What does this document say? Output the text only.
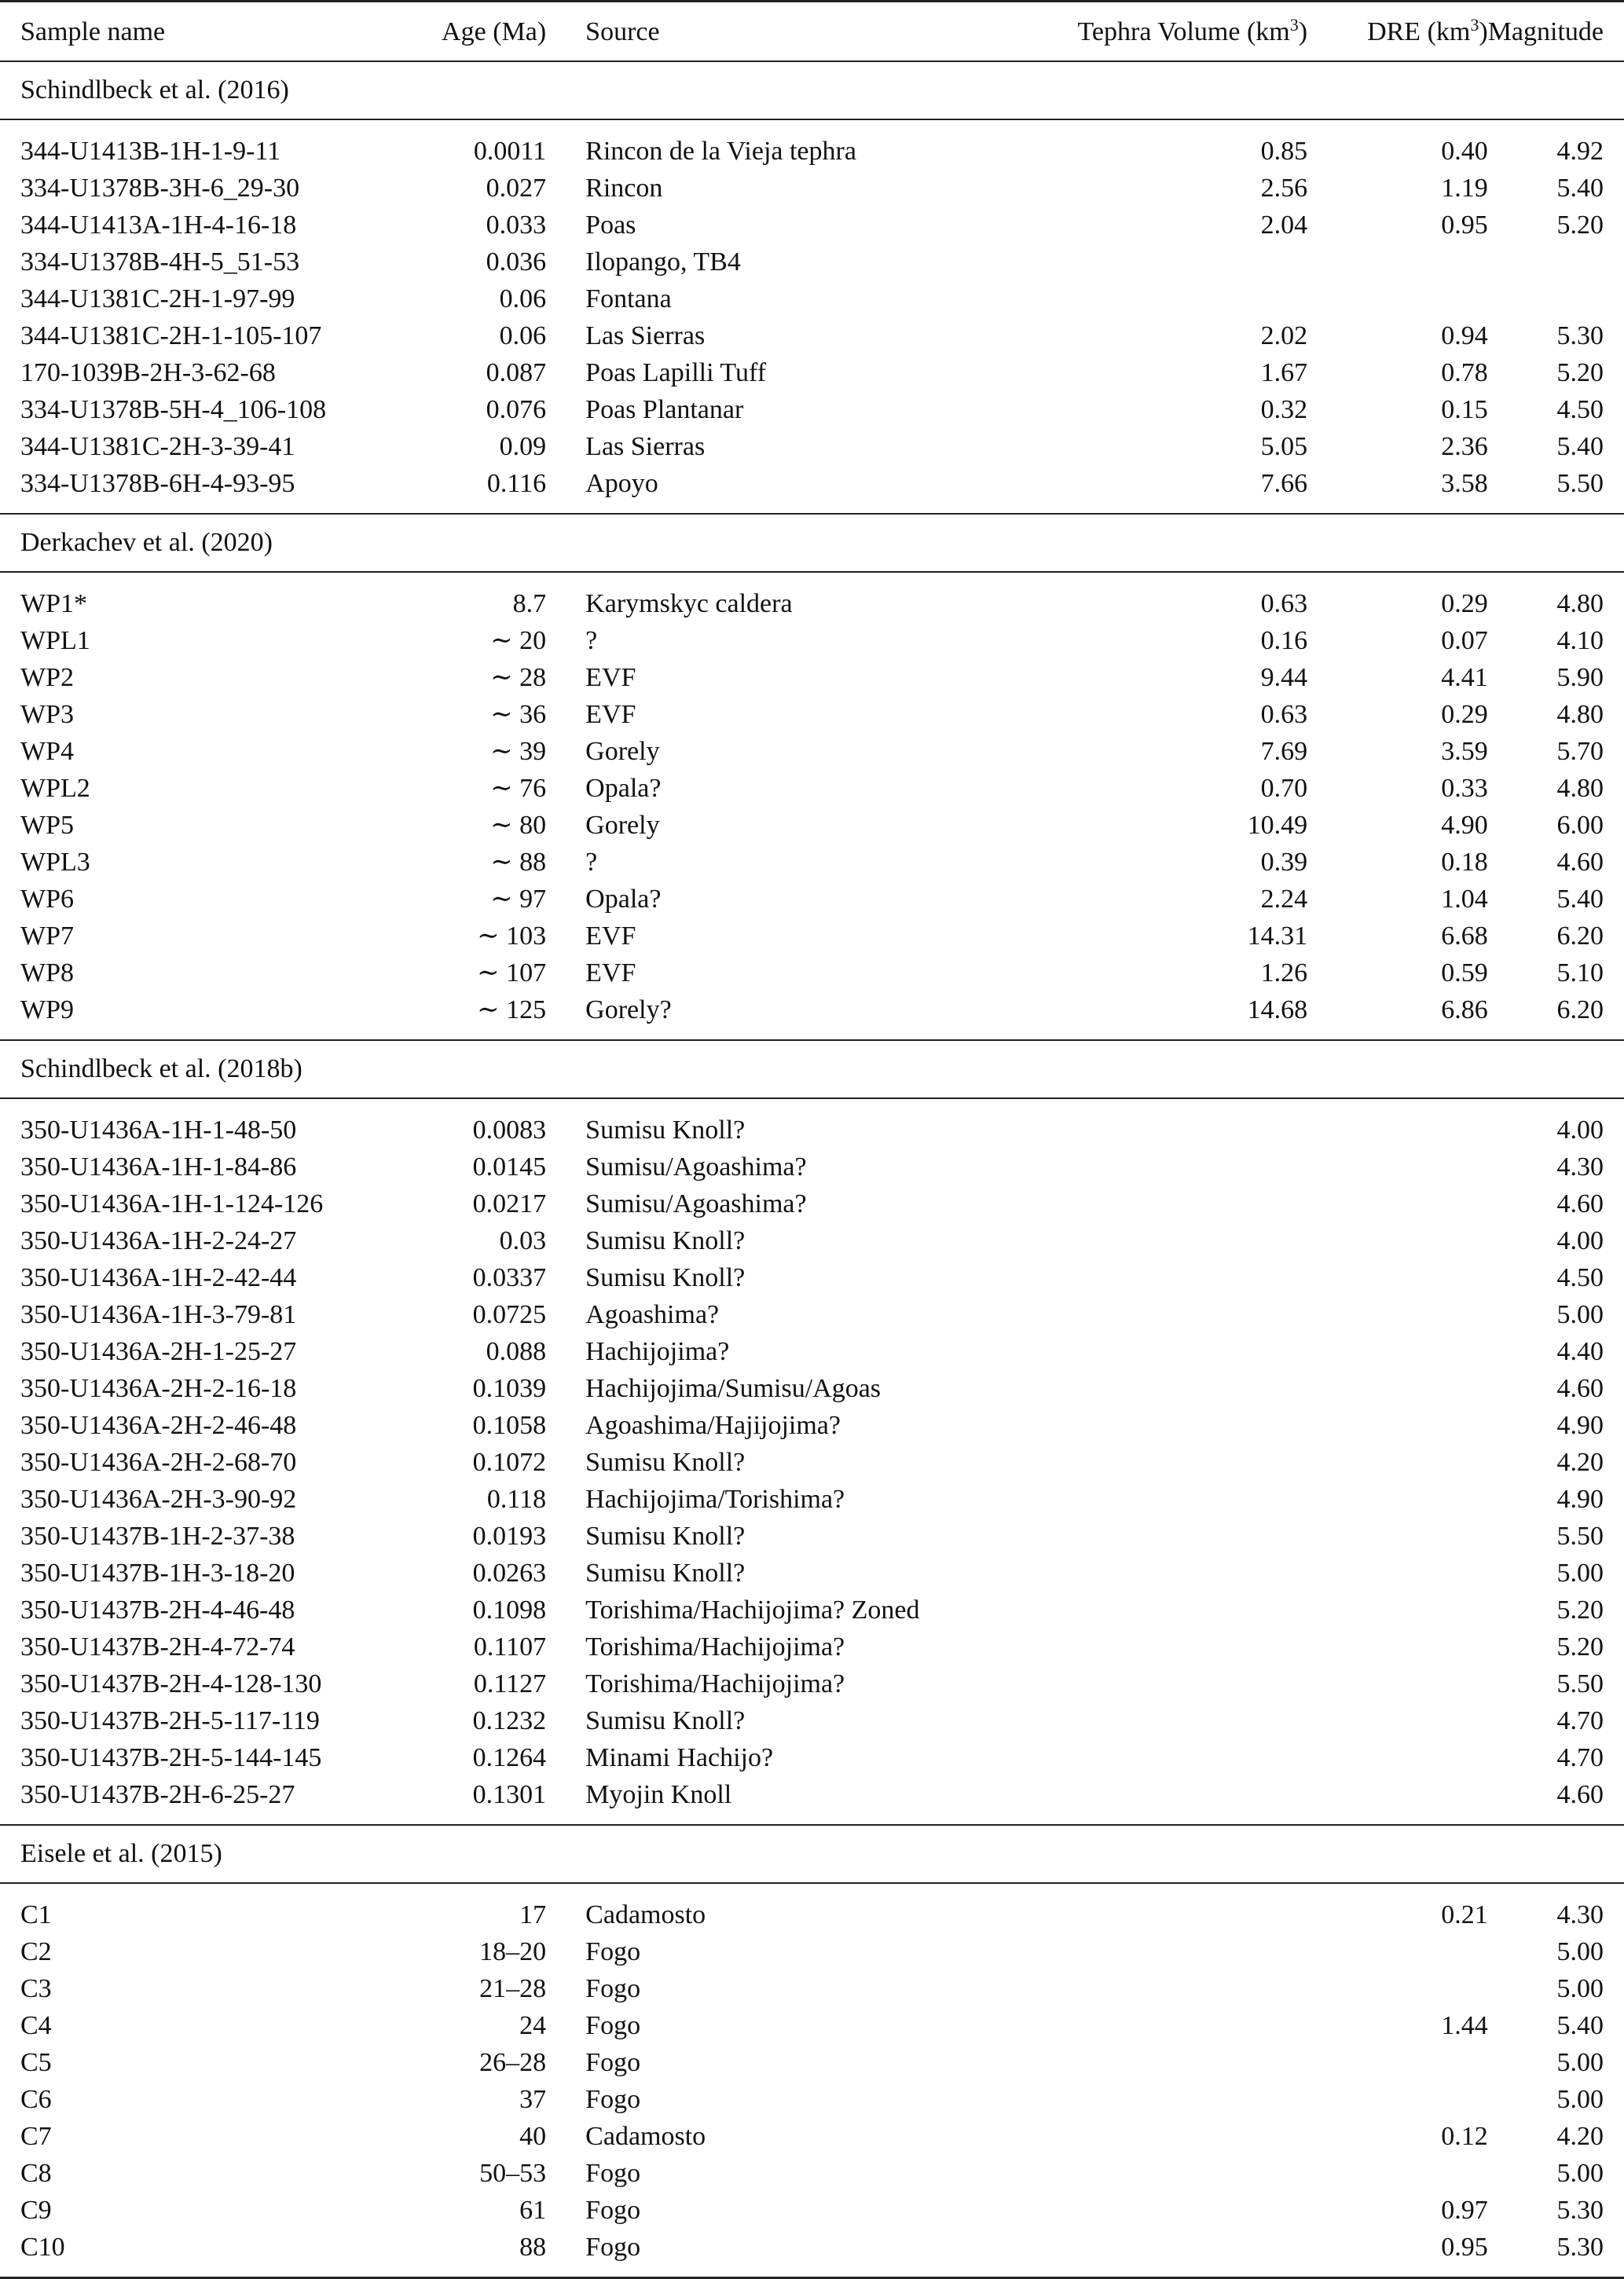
Sample name	Age (Ma)	Source	Tephra Volume $(km^3)$	DRE $(km^3)$	Magnitude
Schindlbeck et al. (2016)					
344-U1413B-1H-1-9-11	0.0011	Rincon de la Vieja tephra	0.85	0.40	4.92
334-U1378B-3H-6_29-30	0.027	Rincon	2.56	1.19	5.40
344-U1413A-1H-4-16-18	0.033	Poas	2.04	0.95	5.20
334-U1378B-4H-5_51-53	0.036	Ilopango, TB4			
344-U1381C-2H-1-97-99	0.06	Fontana			
344-U1381C-2H-1-105-107	0.06	Las Sierras	2.02	0.94	5.30
170-1039B-2H-3-62-68	0.087	Poas Lapilli Tuff	1.67	0.78	5.20
334-U1378B-5H-4_106-108	0.076	Poas Plantanar	0.32	0.15	4.50
344-U1381C-2H-3-39-41	0.09	Las Sierras	5.05	2.36	5.40
334-U1378B-6H-4-93-95	0.116	Apoyo	7.66	3.58	5.50
Derkachev et al. (2020)					
WP1*	8.7	Karymskyc caldera	0.63	0.29	4.80
WPL1	∼ 20	?	0.16	0.07	4.10
WP2	∼ 28	EVF	9.44	4.41	5.90
WP3	∼ 36	EVF	0.63	0.29	4.80
WP4	∼ 39	Gorely	7.69	3.59	5.70
WPL2	∼ 76	Opala?	0.70	0.33	4.80
WP5	∼ 80	Gorely	10.49	4.90	6.00
WPL3	∼ 88	?	0.39	0.18	4.60
WP6	∼ 97	Opala?	2.24	1.04	5.40
WP7	∼ 103	EVF	14.31	6.68	6.20
WP8	∼ 107	EVF	1.26	0.59	5.10
WP9	∼ 125	Gorely?	14.68	6.86	6.20
Schindlbeck et al. (2018b)					
350-U1436A-1H-1-48-50	0.0083	Sumisu Knoll?			4.00
350-U1436A-1H-1-84-86	0.0145	Sumisu/Agoashima?			4.30
350-U1436A-1H-1-124-126	0.0217	Sumisu/Agoashima?			4.60
350-U1436A-1H-2-24-27	0.03	Sumisu Knoll?			4.00
350-U1436A-1H-2-42-44	0.0337	Sumisu Knoll?			4.50
350-U1436A-1H-3-79-81	0.0725	Agoashima?			5.00
350-U1436A-2H-1-25-27	0.088	Hachijojima?			4.40
350-U1436A-2H-2-16-18	0.1039	Hachijojima/Sumisu/Agoas			4.60
350-U1436A-2H-2-46-48	0.1058	Agoashima/Hajijojima?			4.90
350-U1436A-2H-2-68-70	0.1072	Sumisu Knoll?			4.20
350-U1436A-2H-3-90-92	0.118	Hachijojima/Torishima?			4.90
350-U1437B-1H-2-37-38	0.0193	Sumisu Knoll?			5.50
350-U1437B-1H-3-18-20	0.0263	Sumisu Knoll?			5.00
350-U1437B-2H-4-46-48	0.1098	Torishima/Hachijojima? Zoned			5.20
350-U1437B-2H-4-72-74	0.1107	Torishima/Hachijojima?			5.20
350-U1437B-2H-4-128-130	0.1127	Torishima/Hachijojima?			5.50
350-U1437B-2H-5-117-119	0.1232	Sumisu Knoll?			4.70
350-U1437B-2H-5-144-145	0.1264	Minami Hachijo?			4.70
350-U1437B-2H-6-25-27	0.1301	Myojin Knoll			4.60
Eisele et al. (2015)					
C1	17	Cadamosto		0.21	4.30
C2	18–20	Fogo			5.00
C3	21–28	Fogo			5.00
C4	24	Fogo		1.44	5.40
C5	26–28	Fogo			5.00
C6	37	Fogo			5.00
C7	40	Cadamosto		0.12	4.20
C8	50–53	Fogo			5.00
C9	61	Fogo		0.97	5.30
C10	88	Fogo		0.95	5.30
